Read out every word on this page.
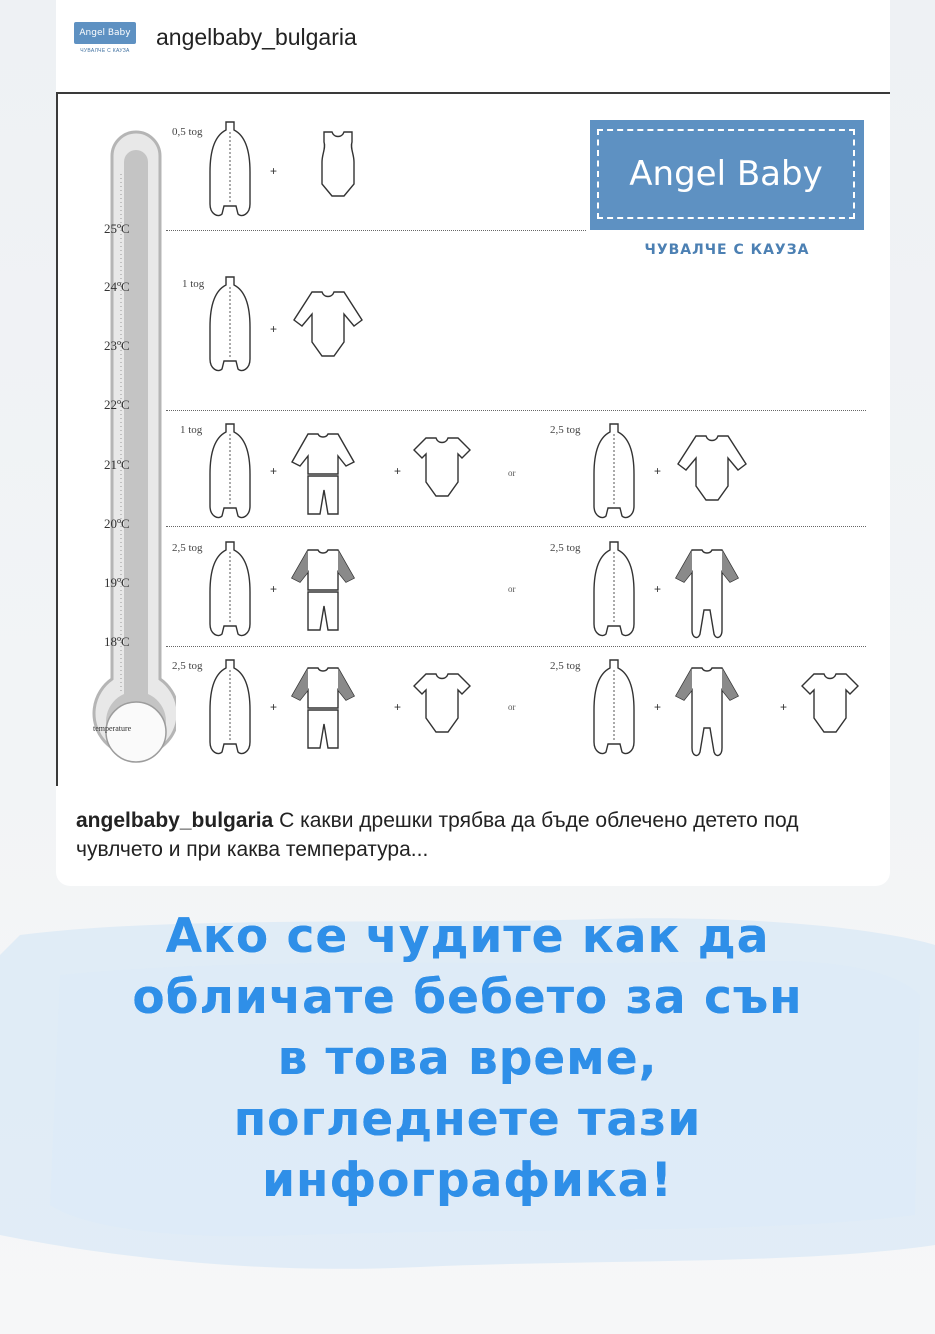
Angel Baby
ЧУВАЛЧЕ С КАУЗА
angelbaby_bulgaria
temperature
25ºC
24ºC
23ºC
22ºC
21ºC
20ºC
19ºC
18ºC
Angel Baby
ЧУВАЛЧЕ С КАУЗА
0,5 tog
1 tog
1 tog	2,5 tog
2,5 tog	2,5 tog
2,5 tog	2,5 tog
or
or
or
+
+
+	+	+
+	+
+	+	+	+
angelbaby_bulgaria С какви дрешки трябва да бъде облечено детето под чувлчето и при каква температура...
Ако се чудите как да
обличате бебето за сън
в това време,
погледнете тази
инфографика!
